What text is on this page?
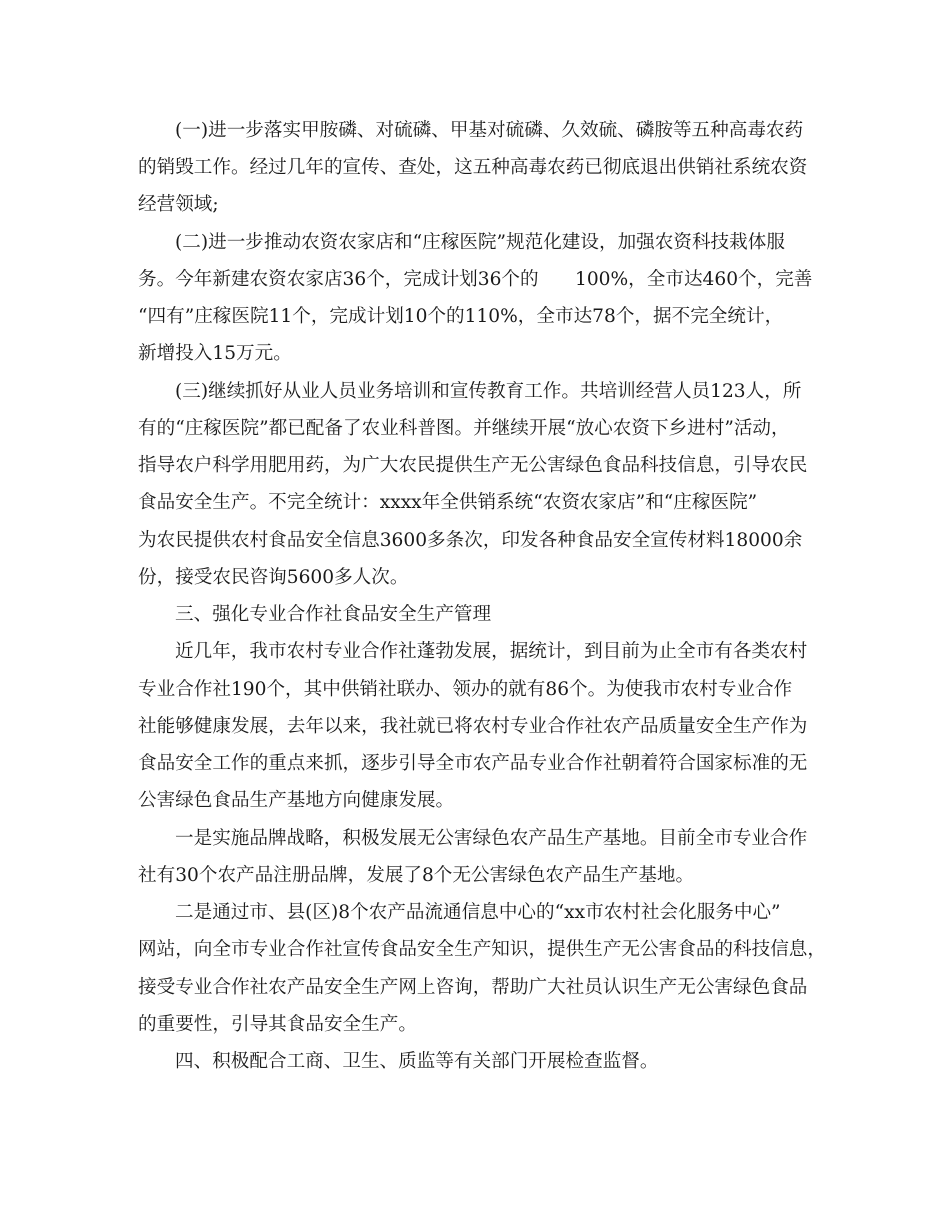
(一)进一步落实甲胺磷、对硫磷、甲基对硫磷、久效硫、磷胺等五种高毒农药
的销毁工作。经过几年的宣传、查处，这五种高毒农药已彻底退出供销社系统农资
经营领域;
(二)进一步推动农资农家店和“庄稼医院”规范化建设，加强农资科技栽体服
务。今年新建农资农家店36个，完成计划36个的 100%，全市达460个，完善
“四有”庄稼医院11个，完成计划10个的110%，全市达78个，据不完全统计，
新增投入15万元。
(三)继续抓好从业人员业务培训和宣传教育工作。共培训经营人员123人，所
有的“庄稼医院”都已配备了农业科普图。并继续开展“放心农资下乡进村”活动，
指导农户科学用肥用药，为广大农民提供生产无公害绿色食品科技信息，引导农民
食品安全生产。不完全统计：xxxx年全供销系统“农资农家店”和“庄稼医院”
为农民提供农村食品安全信息3600多条次，印发各种食品安全宣传材料18000余
份，接受农民咨询5600多人次。
三、强化专业合作社食品安全生产管理
近几年，我市农村专业合作社蓬勃发展，据统计，到目前为止全市有各类农村
专业合作社190个，其中供销社联办、领办的就有86个。为使我市农村专业合作
社能够健康发展，去年以来，我社就已将农村专业合作社农产品质量安全生产作为
食品安全工作的重点来抓，逐步引导全市农产品专业合作社朝着符合国家标准的无
公害绿色食品生产基地方向健康发展。
一是实施品牌战略，积极发展无公害绿色农产品生产基地。目前全市专业合作
社有30个农产品注册品牌，发展了8个无公害绿色农产品生产基地。
二是通过市、县(区)8个农产品流通信息中心的“xx市农村社会化服务中心”
网站，向全市专业合作社宣传食品安全生产知识，提供生产无公害食品的科技信息，
接受专业合作社农产品安全生产网上咨询，帮助广大社员认识生产无公害绿色食品
的重要性，引导其食品安全生产。
四、积极配合工商、卫生、质监等有关部门开展检查监督。
